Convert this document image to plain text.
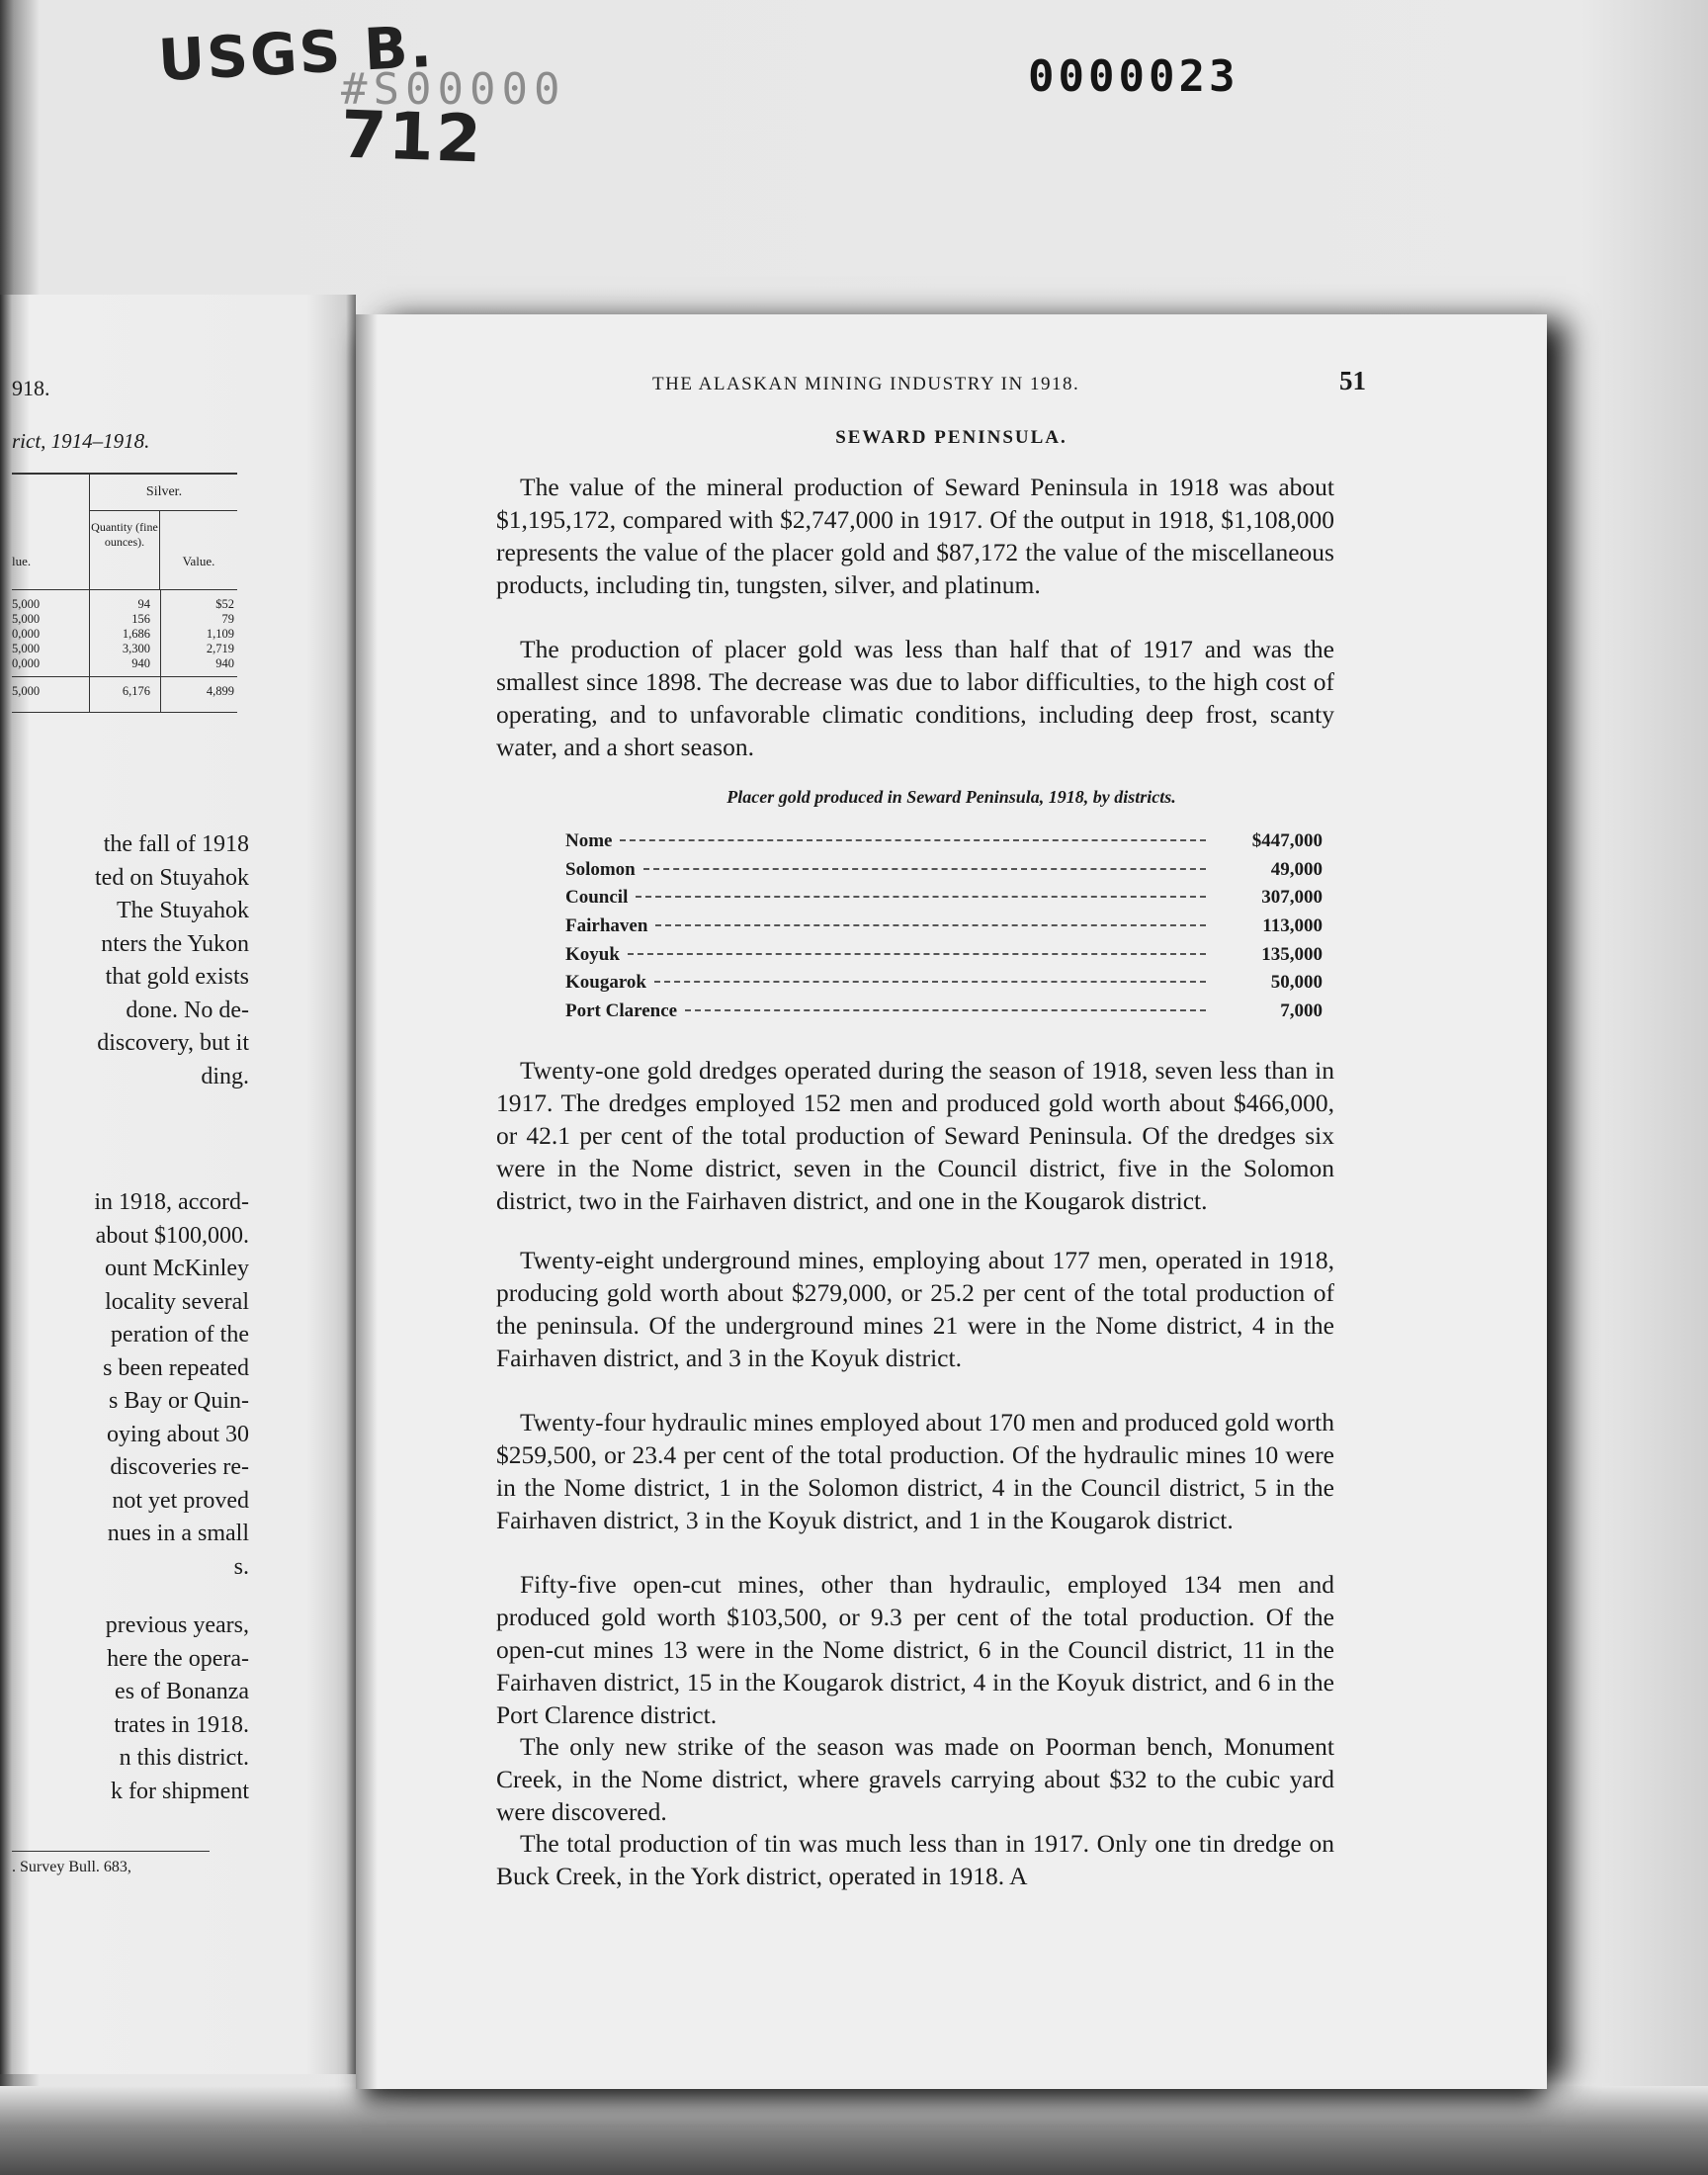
USGS B.
#S00000
712
0000023
918.
rict, 1914–1918.
Silver.
lue.
Quantity (fine ounces).
Value.
5,000	94	$52
5,000	156	79
0,000	1,686	1,109
5,000	3,300	2,719
0,000	940	940
5,000	6,176	4,899
the fall of 1918
ted on Stuyahok
The Stuyahok
nters the Yukon
that gold exists
done. No de-
discovery, but it
ding.
in 1918, accord-
about $100,000.
ount McKinley
locality several
peration of the
s been repeated
s Bay or Quin-
oying about 30
discoveries re-
not yet proved
nues in a small
s.
previous years,
here the opera-
es of Bonanza
trates in 1918.
n this district.
k for shipment
. Survey Bull. 683,
THE ALASKAN MINING INDUSTRY IN 1918.	51
SEWARD PENINSULA.

The value of the mineral production of Seward Peninsula in 1918 was about $1,195,172, compared with $2,747,000 in 1917. Of the output in 1918, $1,108,000 represents the value of the placer gold and $87,172 the value of the miscellaneous products, including tin, tungsten, silver, and platinum.

The production of placer gold was less than half that of 1917 and was the smallest since 1898. The decrease was due to labor difficulties, to the high cost of operating, and to unfavorable climatic conditions, including deep frost, scanty water, and a short season.

Placer gold produced in Seward Peninsula, 1918, by districts.
Nome	$447,000
Solomon	49,000
Council	307,000
Fairhaven	113,000
Koyuk	135,000
Kougarok	50,000
Port Clarence	7,000

Twenty-one gold dredges operated during the season of 1918, seven less than in 1917. The dredges employed 152 men and produced gold worth about $466,000, or 42.1 per cent of the total production of Seward Peninsula. Of the dredges six were in the Nome district, seven in the Council district, five in the Solomon district, two in the Fairhaven district, and one in the Kougarok district.

Twenty-eight underground mines, employing about 177 men, operated in 1918, producing gold worth about $279,000, or 25.2 per cent of the total production of the peninsula. Of the underground mines 21 were in the Nome district, 4 in the Fairhaven district, and 3 in the Koyuk district.

Twenty-four hydraulic mines employed about 170 men and produced gold worth $259,500, or 23.4 per cent of the total production. Of the hydraulic mines 10 were in the Nome district, 1 in the Solomon district, 4 in the Council district, 5 in the Fairhaven district, 3 in the Koyuk district, and 1 in the Kougarok district.

Fifty-five open-cut mines, other than hydraulic, employed 134 men and produced gold worth $103,500, or 9.3 per cent of the total production. Of the open-cut mines 13 were in the Nome district, 6 in the Council district, 11 in the Fairhaven district, 15 in the Kougarok district, 4 in the Koyuk district, and 6 in the Port Clarence district.

The only new strike of the season was made on Poorman bench, Monument Creek, in the Nome district, where gravels carrying about $32 to the cubic yard were discovered.

The total production of tin was much less than in 1917. Only one tin dredge on Buck Creek, in the York district, operated in 1918. A
